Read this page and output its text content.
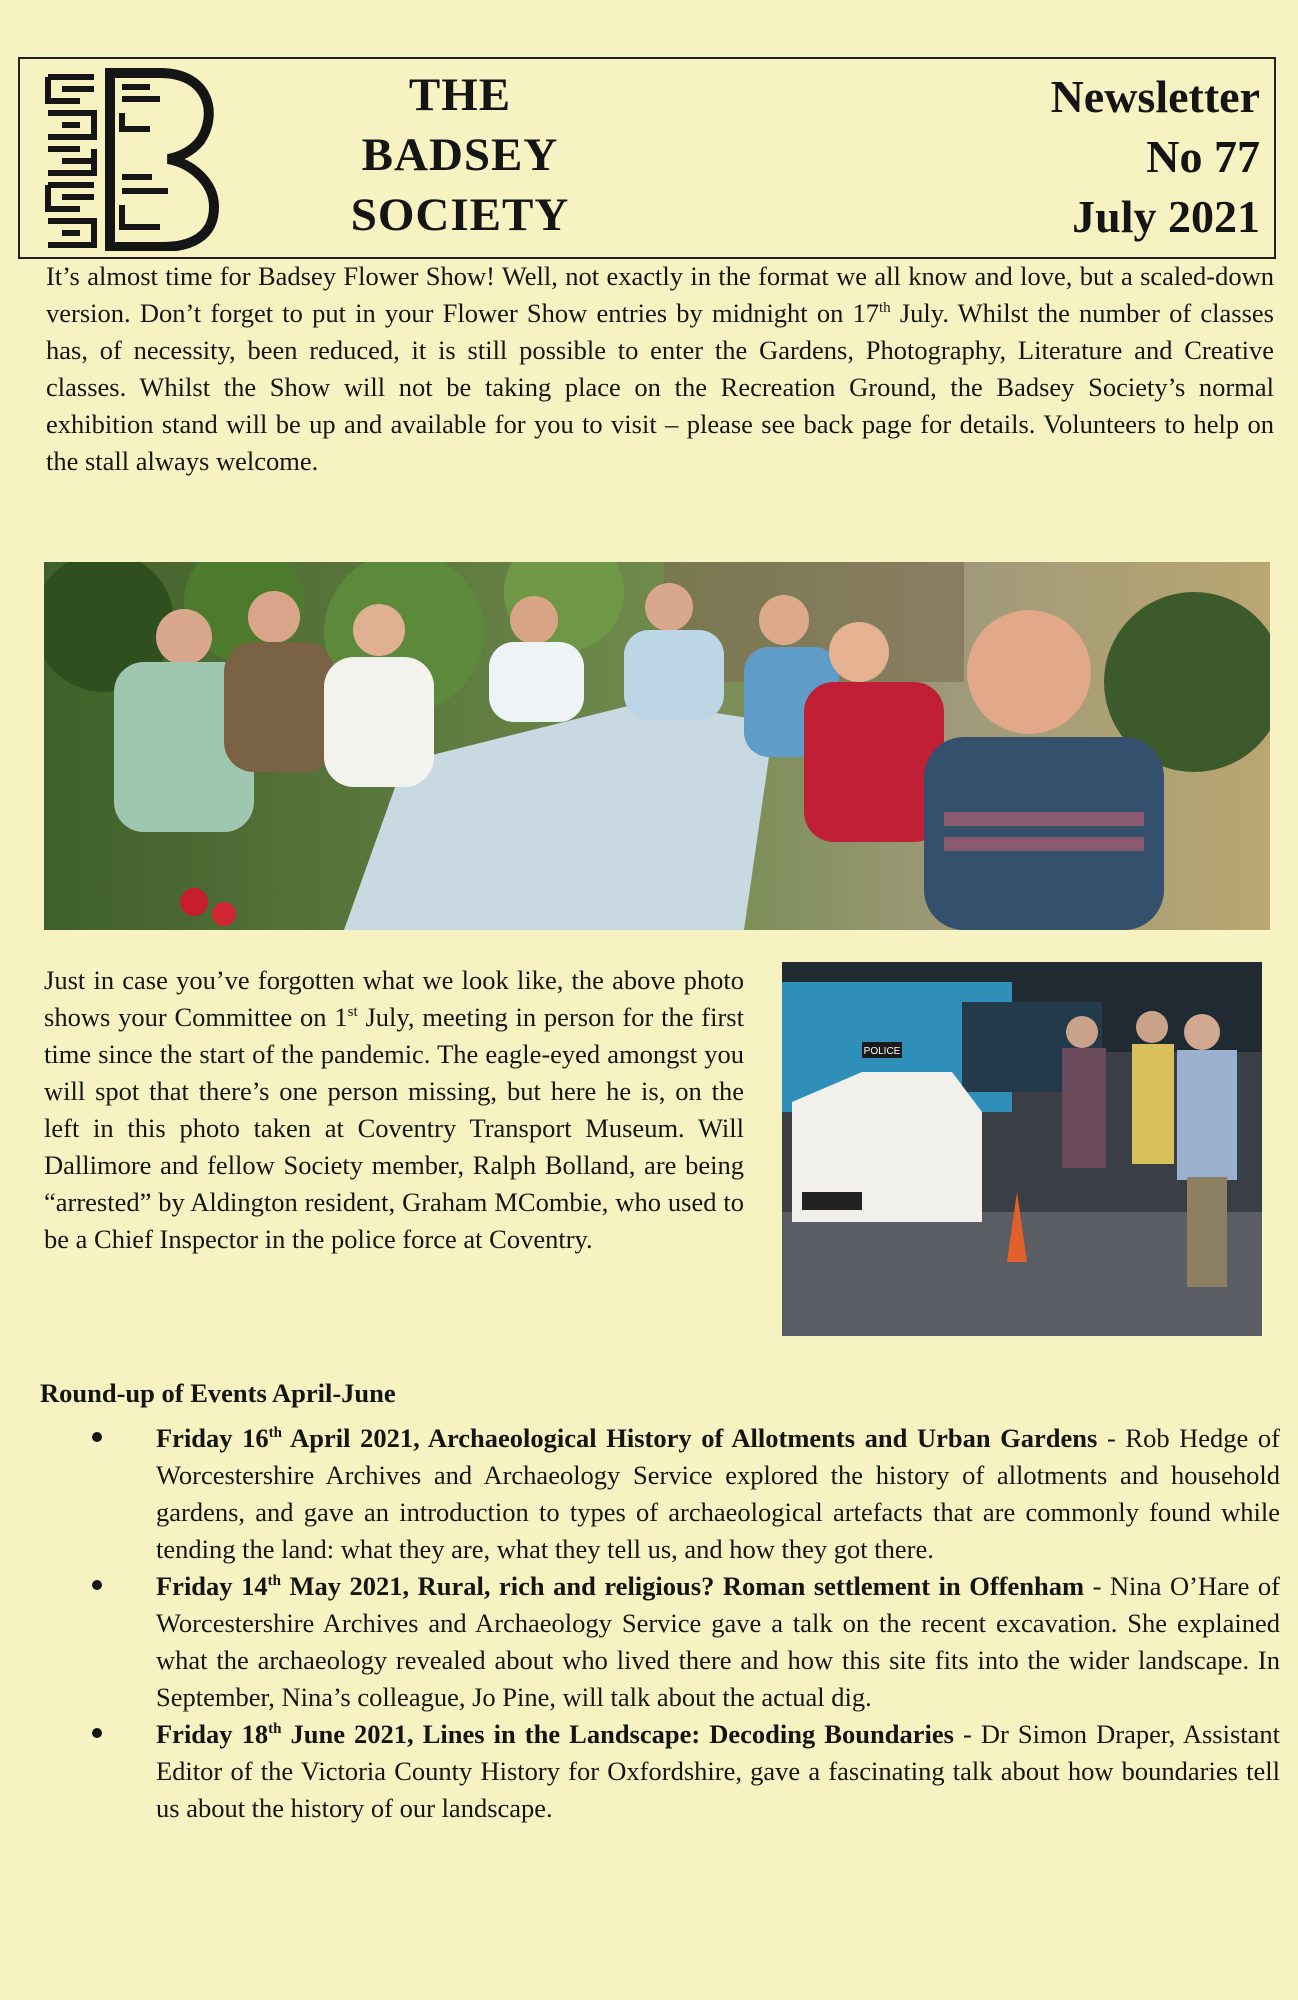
THE
BADSEY
SOCIETY
Newsletter
No 77
July 2021

It’s almost time for Badsey Flower Show! Well, not exactly in the format we all know and love, but a scaled-down version. Don’t forget to put in your Flower Show entries by midnight on 17th July. Whilst the number of classes has, of necessity, been reduced, it is still possible to enter the Gardens, Photography, Literature and Creative classes. Whilst the Show will not be taking place on the Recreation Ground, the Badsey Society’s normal exhibition stand will be up and available for you to visit – please see back page for details. Volunteers to help on the stall always welcome.

Just in case you’ve forgotten what we look like, the above photo shows your Committee on 1st July, meeting in person for the first time since the start of the pandemic. The eagle-eyed amongst you will spot that there’s one person missing, but here he is, on the left in this photo taken at Coventry Transport Museum. Will Dallimore and fellow Society member, Ralph Bolland, are being “arrested” by Aldington resident, Graham MCombie, who used to be a Chief Inspector in the police force at Coventry.

POLICE
Round-up of Events April-June
Friday 16th April 2021, Archaeological History of Allotments and Urban Gardens - Rob Hedge of Worcestershire Archives and Archaeology Service explored the history of allotments and household gardens, and gave an introduction to types of archaeological artefacts that are commonly found while tending the land: what they are, what they tell us, and how they got there.
Friday 14th May 2021, Rural, rich and religious? Roman settlement in Offenham - Nina O’Hare of Worcestershire Archives and Archaeology Service gave a talk on the recent excavation. She explained what the archaeology revealed about who lived there and how this site fits into the wider landscape. In September, Nina’s colleague, Jo Pine, will talk about the actual dig.
Friday 18th June 2021, Lines in the Landscape: Decoding Boundaries - Dr Simon Draper, Assistant Editor of the Victoria County History for Oxfordshire, gave a fascinating talk about how boundaries tell us about the history of our landscape.
